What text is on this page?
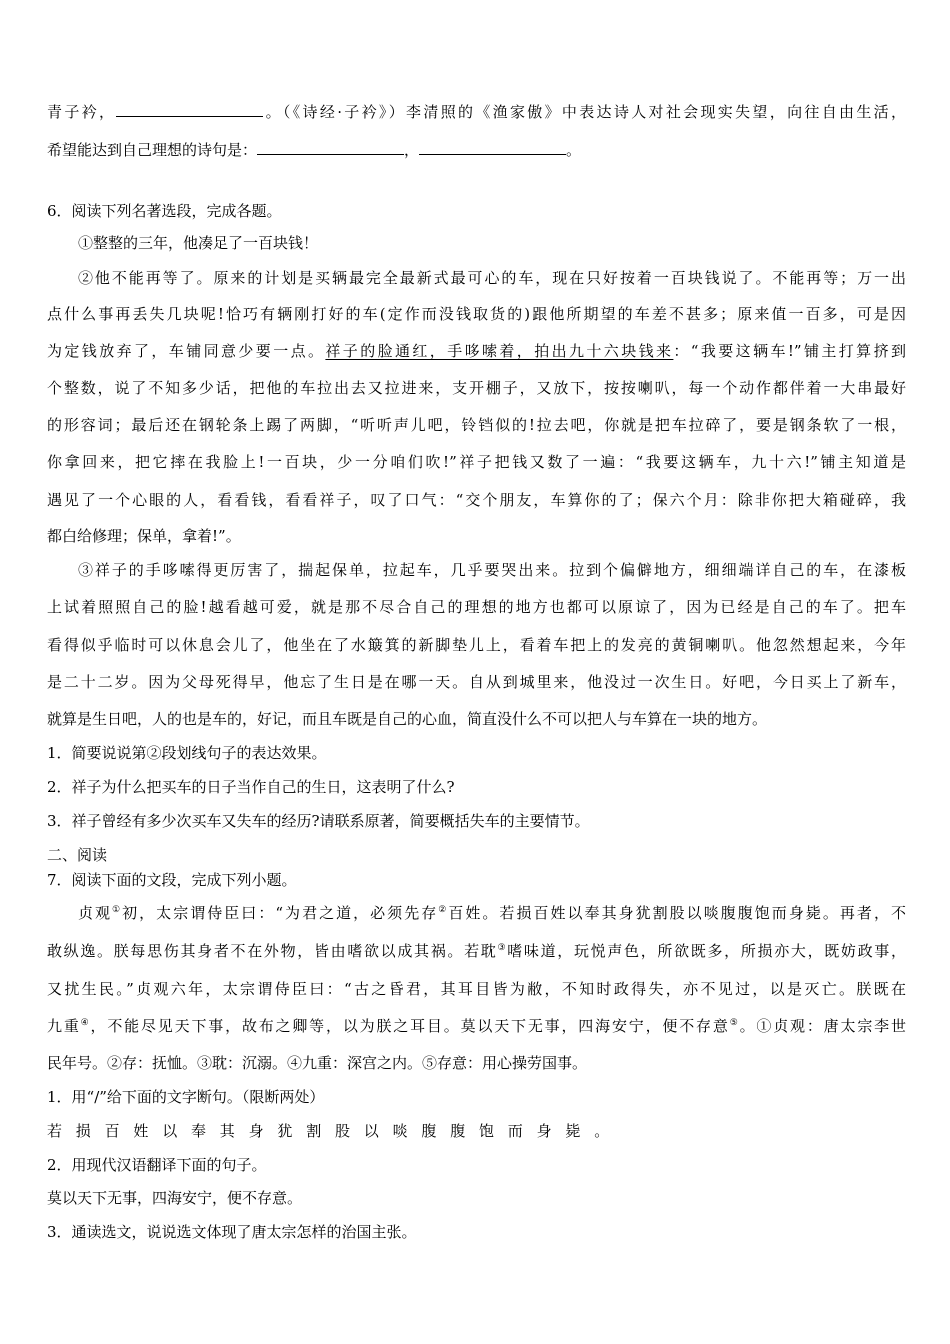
青子衿，	。（《诗经·子衿》）李清照的《渔家傲》中表达诗人对社会现实失望，向往自由生活，
希望能达到自己理想的诗句是：	，	。
6．阅读下列名著选段，完成各题。
①整整的三年，他凑足了一百块钱！
②他不能再等了。原来的计划是买辆最完全最新式最可心的车，现在只好按着一百块钱说了。不能再等；万一出
点什么事再丢失几块呢!恰巧有辆刚打好的车(定作而没钱取货的)跟他所期望的车差不甚多；原来值一百多，可是因
为定钱放弃了，车铺同意少要一点。祥子的脸通红，手哆嗦着，拍出九十六块钱来：“我要这辆车!”铺主打算挤到
个整数，说了不知多少话，把他的车拉出去又拉进来，支开棚子，又放下，按按喇叭，每一个动作都伴着一大串最好
的形容词；最后还在钢轮条上踢了两脚，“听听声儿吧，铃铛似的!拉去吧，你就是把车拉碎了，要是钢条软了一根，
你拿回来，把它摔在我脸上!一百块，少一分咱们吹!”祥子把钱又数了一遍：“我要这辆车，九十六!”铺主知道是
遇见了一个心眼的人，看看钱，看看祥子，叹了口气：“交个朋友，车算你的了；保六个月：除非你把大箱碰碎，我
都白给修理；保单，拿着!”。
③祥子的手哆嗦得更厉害了，揣起保单，拉起车，几乎要哭出来。拉到个偏僻地方，细细端详自己的车，在漆板
上试着照照自己的脸!越看越可爱，就是那不尽合自己的理想的地方也都可以原谅了，因为已经是自己的车了。把车
看得似乎临时可以休息会儿了，他坐在了水簸箕的新脚垫儿上，看着车把上的发亮的黄铜喇叭。他忽然想起来，今年
是二十二岁。因为父母死得早，他忘了生日是在哪一天。自从到城里来，他没过一次生日。好吧，今日买上了新车，
就算是生日吧，人的也是车的，好记，而且车既是自己的心血，简直没什么不可以把人与车算在一块的地方。
1．简要说说第②段划线句子的表达效果。
2．祥子为什么把买车的日子当作自己的生日，这表明了什么?
3．祥子曾经有多少次买车又失车的经历?请联系原著，简要概括失车的主要情节。
二、阅读
7．阅读下面的文段，完成下列小题。
贞观①初，太宗谓侍臣曰：“为君之道，必须先存②百姓。若损百姓以奉其身犹割股以啖腹腹饱而身毙。再者，不
敢纵逸。朕每思伤其身者不在外物，皆由嗜欲以成其祸。若耽③嗜味道，玩悦声色，所欲既多，所损亦大，既妨政事，
又扰生民。”贞观六年，太宗谓侍臣曰：“古之昏君，其耳目皆为敝，不知时政得失，亦不见过，以是灭亡。朕既在
九重④，不能尽见天下事，故布之卿等，以为朕之耳目。莫以天下无事，四海安宁，便不存意⑤。①贞观：唐太宗李世
民年号。②存：抚恤。③耽：沉溺。④九重：深宫之内。⑤存意：用心操劳国事。
1．用“/”给下面的文字断句。（限断两处）
若损百姓以奉其身犹割股以啖腹腹饱而身毙。
2．用现代汉语翻译下面的句子。
莫以天下无事，四海安宁，便不存意。
3．通读选文，说说选文体现了唐太宗怎样的治国主张。
